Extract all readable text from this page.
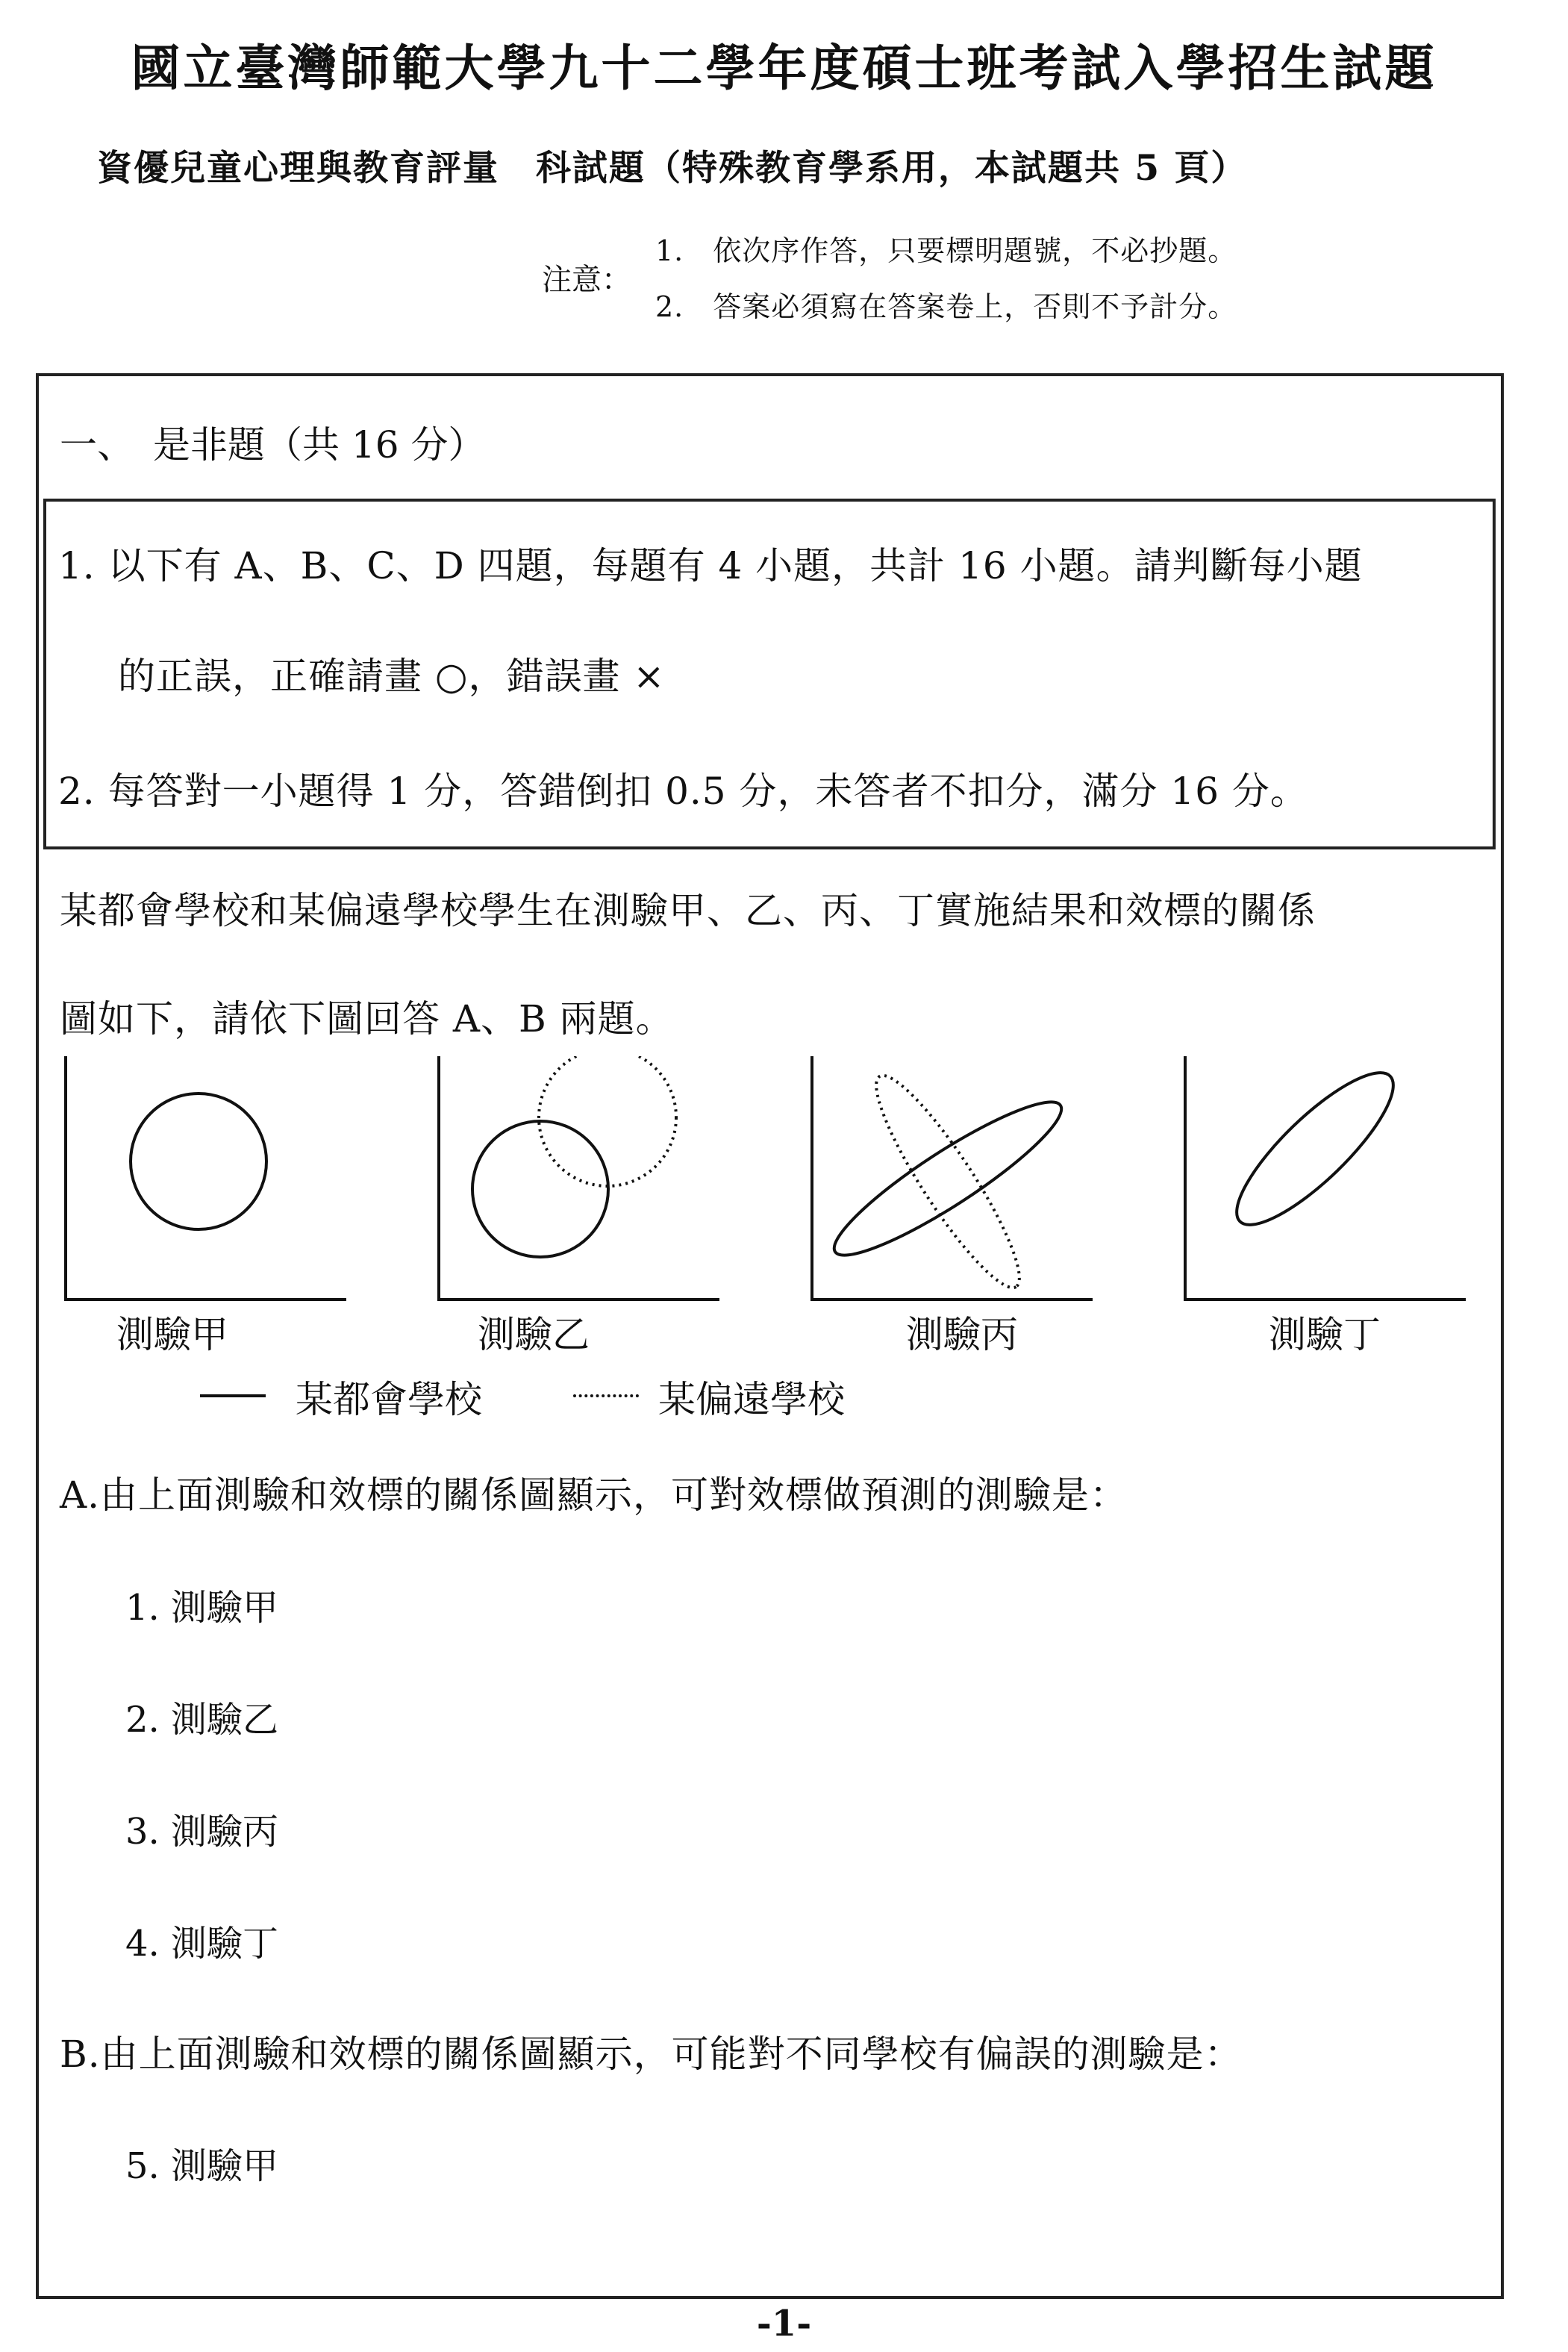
國立臺灣師範大學九十二學年度碩士班考試入學招生試題
資優兒童心理與教育評量　科試題（特殊教育學系用，本試題共 5 頁）
注意：
1.　依次序作答，只要標明題號，不必抄題。
2.　答案必須寫在答案卷上，否則不予計分。
一、　是非題（共 16 分）
1. 以下有 A、B、C、D 四題，每題有 4 小題，共計 16 小題。請判斷每小題
的正誤，正確請畫 ○，錯誤畫 ×
2. 每答對一小題得 1 分，答錯倒扣 0.5 分，未答者不扣分，滿分 16 分。
某都會學校和某偏遠學校學生在測驗甲、乙、丙、丁實施結果和效標的關係
圖如下，請依下圖回答 A、B 兩題。
測驗甲	測驗乙	測驗丙	測驗丁
某都會學校	某偏遠學校
A.由上面測驗和效標的關係圖顯示，可對效標做預測的測驗是：
1. 測驗甲
2. 測驗乙
3. 測驗丙
4. 測驗丁
B.由上面測驗和效標的關係圖顯示，可能對不同學校有偏誤的測驗是：
5. 測驗甲
-1-
